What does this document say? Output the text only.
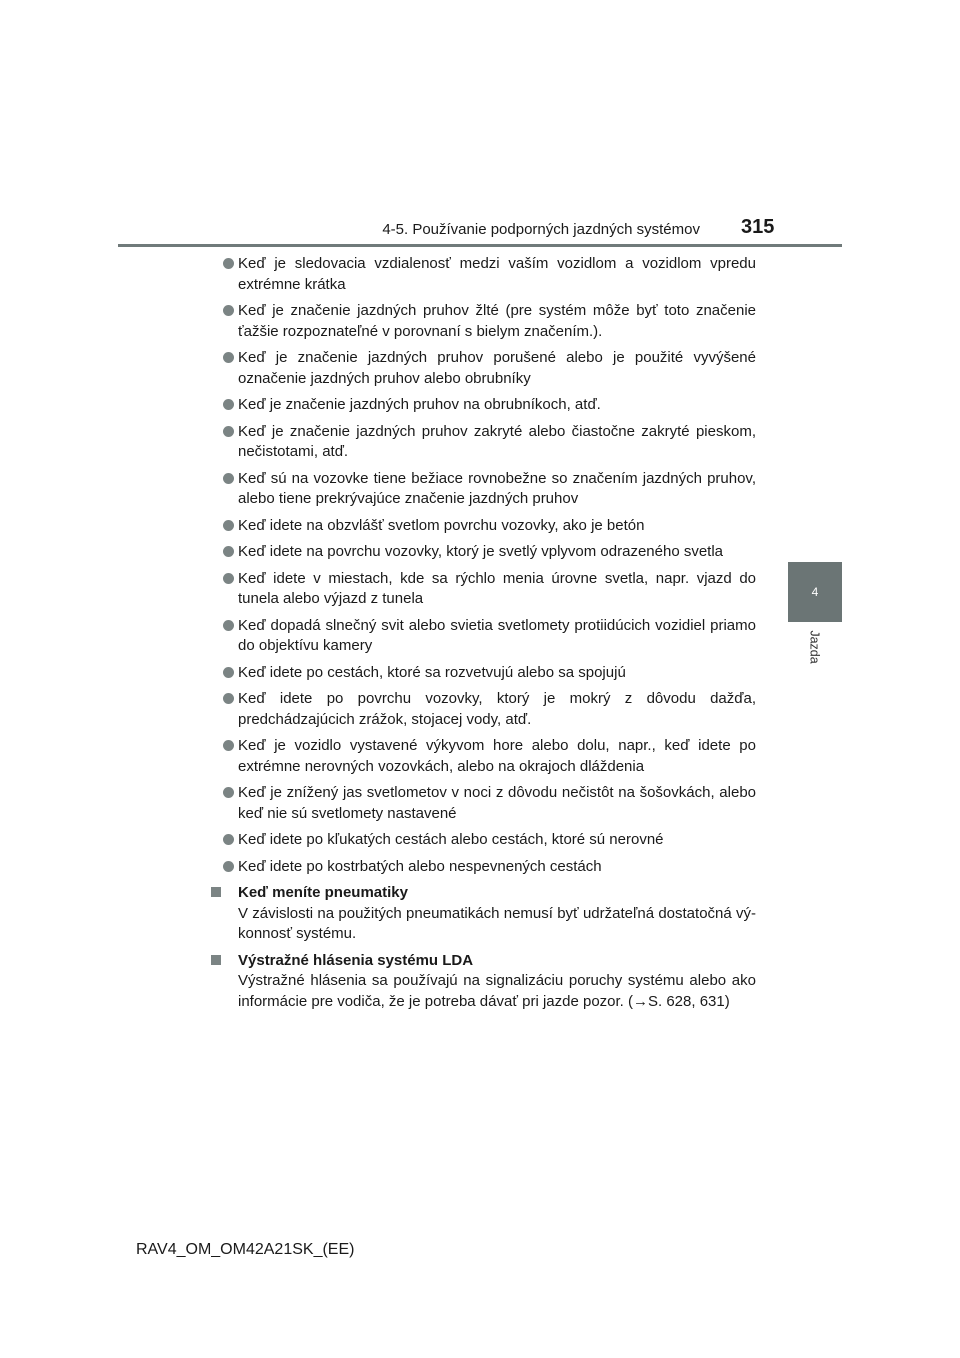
4-5. Používanie podporných jazdných systémov 315
4
Jazda
Keď je sledovacia vzdialenosť medzi vaším vozidlom a vozidlom vpredu extrémne krátka
Keď je značenie jazdných pruhov žlté (pre systém môže byť toto značenie ťažšie rozpoznateľné v porovnaní s bielym značením.).
Keď je značenie jazdných pruhov porušené alebo je použité vyvýšené označenie jazdných pruhov alebo obrubníky
Keď je značenie jazdných pruhov na obrubníkoch, atď.
Keď je značenie jazdných pruhov zakryté alebo čiastočne zakryté pieskom, nečistotami, atď.
Keď sú na vozovke tiene bežiace rovnobežne so značením jazdných pruhov, alebo tiene prekrývajúce značenie jazdných pruhov
Keď idete na obzvlášť svetlom povrchu vozovky, ako je betón
Keď idete na povrchu vozovky, ktorý je svetlý vplyvom odrazeného svetla
Keď idete v miestach, kde sa rýchlo menia úrovne svetla, napr. vjazd do tunela alebo výjazd z tunela
Keď dopadá slnečný svit alebo svietia svetlomety protiidúcich vozidiel priamo do objektívu kamery
Keď idete po cestách, ktoré sa rozvetvujú alebo sa spojujú
Keď idete po povrchu vozovky, ktorý je mokrý z dôvodu dažďa, predchádzajúcich zrážok, stojacej vody, atď.
Keď je vozidlo vystavené výkyvom hore alebo dolu, napr., keď idete po extrémne nerovných vozovkách, alebo na okrajoch dláždenia
Keď je znížený jas svetlometov v noci z dôvodu nečistôt na šošovkách, alebo keď nie sú svetlomety nastavené
Keď idete po kľukatých cestách alebo cestách, ktoré sú nerovné
Keď idete po kostrbatých alebo nespevnených cestách
Keď meníte pneumatiky
V závislosti na použitých pneumatikách nemusí byť udržateľná dostatočná vý-konnosť systému.
Výstražné hlásenia systému LDA
Výstražné hlásenia sa používajú na signalizáciu poruchy systému alebo ako informácie pre vodiča, že je potreba dávať pri jazde pozor. (→S. 628, 631)
RAV4_OM_OM42A21SK_(EE)
